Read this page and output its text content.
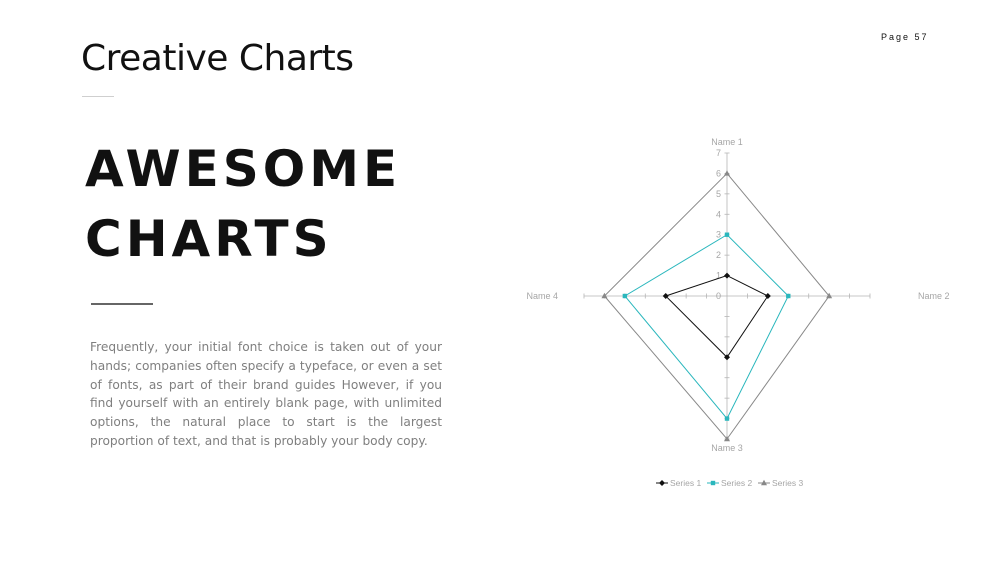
Page 57
Creative Charts
AWESOME
CHARTS

Frequently, your initial font choice is taken out of your hands; companies often specify a typeface, or even a set of fonts, as part of their brand guides However, if you find yourself with an entirely blank page, with unlimited options, the natural place to start is the largest proportion of text, and that is probably your body copy.

0
1
2
3
4
5
6
7
Name 1
Name 2
Name 3
Name 4
Series 1 Series 2 Series 3
